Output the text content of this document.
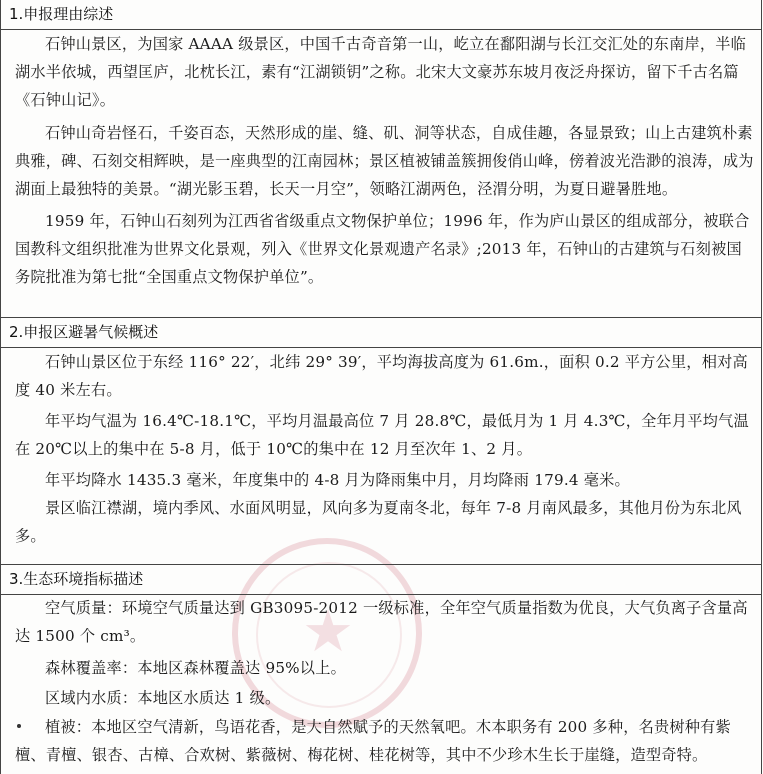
★
1.申报理由综述

石钟山景区，为国家 AAAA 级景区，中国千古奇音第一山，屹立在鄱阳湖与长江交汇处的东南岸，半临湖水半依城，西望匡庐，北枕长江，素有“江湖锁钥”之称。北宋大文豪苏东坡月夜泛舟探访，留下千古名篇《石钟山记》。

石钟山奇岩怪石，千姿百态，天然形成的崖、缝、矶、洞等状态，自成佳趣，各显景致；山上古建筑朴素典雅，碑、石刻交相辉映，是一座典型的江南园林；景区植被铺盖簇拥俊俏山峰，傍着波光浩渺的浪涛，成为湖面上最独特的美景。“湖光影玉碧，长天一月空”，领略江湖两色，泾渭分明，为夏日避暑胜地。

1959 年，石钟山石刻列为江西省省级重点文物保护单位；1996 年，作为庐山景区的组成部分，被联合国教科文组织批准为世界文化景观，列入《世界文化景观遗产名录》;2013 年，石钟山的古建筑与石刻被国务院批准为第七批“全国重点文物保护单位”。

2.申报区避暑气候概述

石钟山景区位于东经 116° 22′，北纬 29° 39′，平均海拔高度为 61.6m.，面积 0.2 平方公里，相对高度 40 米左右。

年平均气温为 16.4℃-18.1℃，平均月温最高位 7 月 28.8℃，最低月为 1 月 4.3℃，全年月平均气温在 20℃以上的集中在 5-8 月，低于 10℃的集中在 12 月至次年 1、2 月。

年平均降水 1435.3 毫米，年度集中的 4-8 月为降雨集中月，月均降雨 179.4 毫米。

景区临江襟湖，境内季风、水面风明显，风向多为夏南冬北，每年 7-8 月南风最多，其他月份为东北风多。

3.生态环境指标描述

空气质量：环境空气质量达到 GB3095-2012 一级标准，全年空气质量指数为优良，大气负离子含量高达 1500 个 cm³。

森林覆盖率：本地区森林覆盖达 95%以上。

区域内水质：本地区水质达 1 级。

植被：本地区空气清新，鸟语花香，是大自然赋予的天然氧吧。木本职务有 200 多种，名贵树种有紫檀、青檀、银杏、古樟、合欢树、紫薇树、梅花树、桂花树等，其中不少珍木生长于崖缝，造型奇特。
